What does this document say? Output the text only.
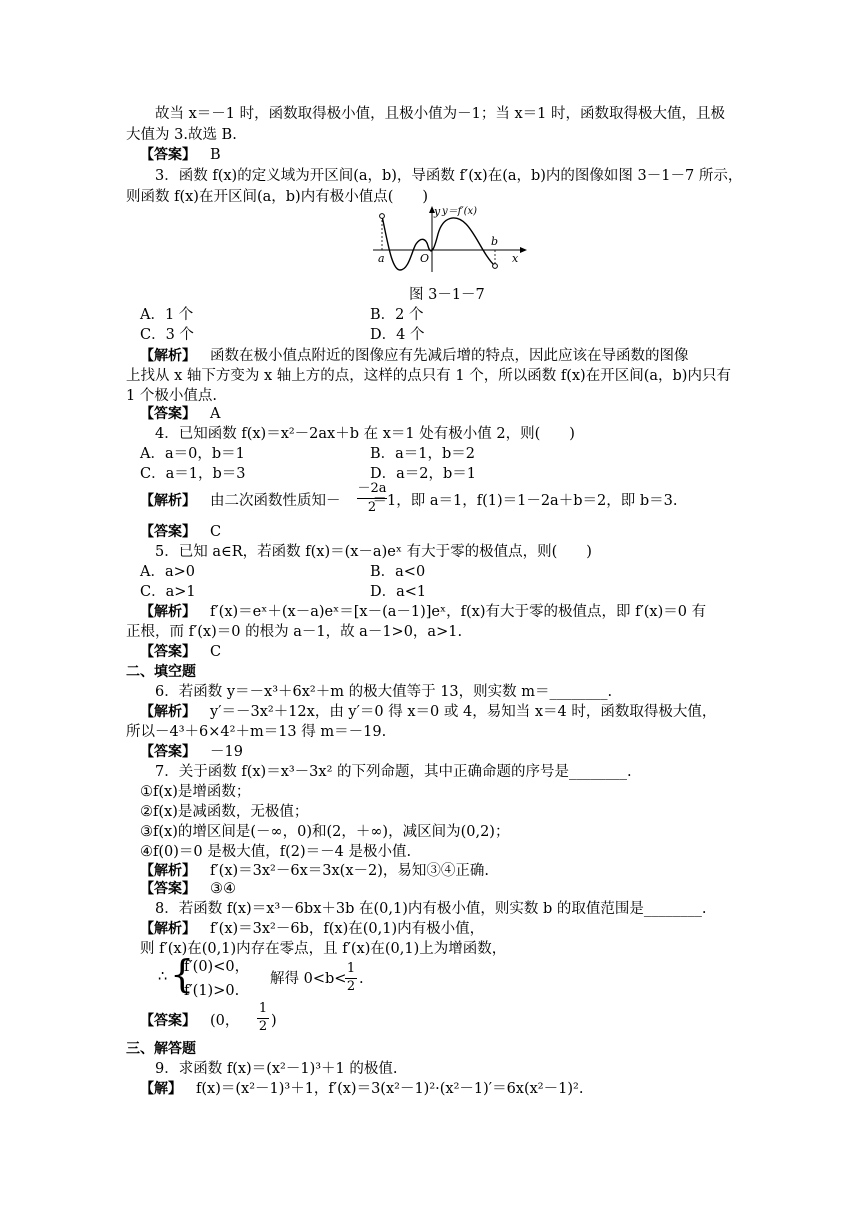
故当 x＝－1 时，函数取得极小值，且极小值为－1；当 x＝1 时，函数取得极大值，且极
大值为 3.故选 B.
【答案】 B
3．函数 f(x)的定义域为开区间(a，b)，导函数 f′(x)在(a，b)内的图像如图 3－1－7 所示，
则函数 f(x)在开区间(a，b)内有极小值点(　　)
y y＝f′(x)
x
a
b
O
图 3－1－7
A．1 个	B．2 个
C．3 个	D．4 个
【解析】 函数在极小值点附近的图像应有先减后增的特点，因此应该在导函数的图像
上找从 x 轴下方变为 x 轴上方的点，这样的点只有 1 个，所以函数 f(x)在开区间(a，b)内只有
1 个极小值点.
【答案】 A
4．已知函数 f(x)＝x²－2ax＋b 在 x＝1 处有极小值 2，则(　　)
A．a＝0，b＝1	B．a＝1，b＝2
C．a＝1，b＝3	D．a＝2，b＝1
【解析】 由二次函数性质知－ ＝1，即 a＝1，f(1)＝1－2a＋b＝2，即 b＝3.
－2a
2
【答案】 C
5．已知 a∈R，若函数 f(x)＝(x－a)eˣ 有大于零的极值点，则(　　)
A．a>0	B．a<0
C．a>1	D．a<1
【解析】 f′(x)＝eˣ＋(x－a)eˣ＝[x－(a－1)]eˣ，f(x)有大于零的极值点，即 f′(x)＝0 有
正根，而 f′(x)＝0 的根为 a－1，故 a－1>0，a>1.
【答案】 C
二、填空题
6．若函数 y＝－x³＋6x²＋m 的极大值等于 13，则实数 m＝________.
【解析】 y′＝－3x²＋12x，由 y′＝0 得 x＝0 或 4，易知当 x＝4 时，函数取得极大值，
所以－4³＋6×4²＋m＝13 得 m＝－19.
【答案】 －19
7．关于函数 f(x)＝x³－3x² 的下列命题，其中正确命题的序号是________.
①f(x)是增函数；
②f(x)是减函数，无极值；
③f(x)的增区间是(－∞，0)和(2，＋∞)，减区间为(0,2)；
④f(0)＝0 是极大值，f(2)＝－4 是极小值.
【解析】 f′(x)＝3x²－6x＝3x(x－2)，易知③④正确.
【答案】 ③④
8．若函数 f(x)＝x³－6bx＋3b 在(0,1)内有极小值，则实数 b 的取值范围是________.
【解析】 f′(x)＝3x²－6b，f(x)在(0,1)内有极小值，
则 f′(x)在(0,1)内存在零点，且 f′(x)在(0,1)上为增函数，
∴ {
f′(0)<0，
f′(1)>0.
解得 0<b<
1
2 .
【答案】 (0，
1
2 )
三、解答题
9．求函数 f(x)＝(x²－1)³＋1 的极值.
【解】 f(x)＝(x²－1)³＋1，f′(x)＝3(x²－1)²·(x²－1)′＝6x(x²－1)².
